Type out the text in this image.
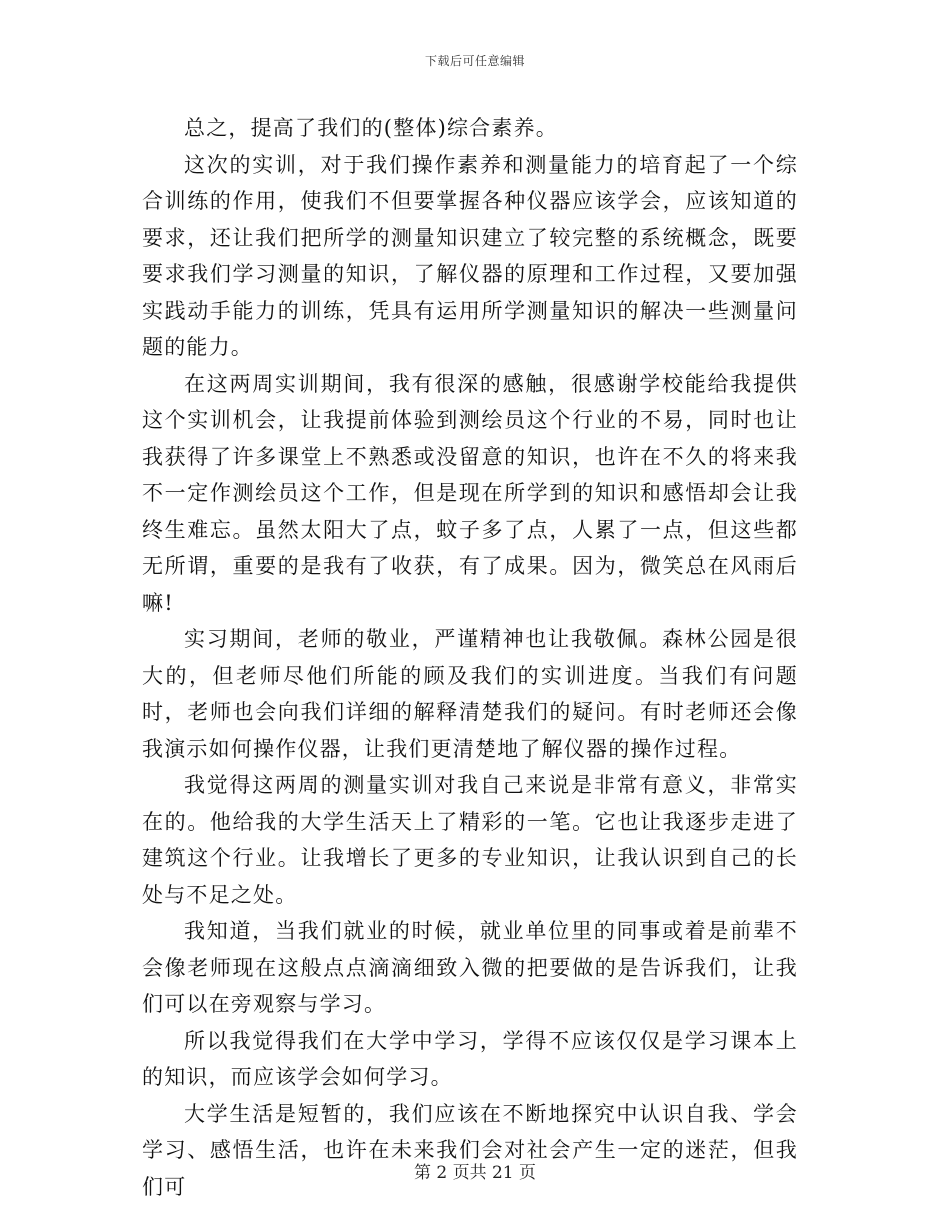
下载后可任意编辑

总之，提高了我们的(整体)综合素养。

这次的实训，对于我们操作素养和测量能力的培育起了一个综合训练的作用，使我们不但要掌握各种仪器应该学会，应该知道的要求，还让我们把所学的测量知识建立了较完整的系统概念，既要要求我们学习测量的知识，了解仪器的原理和工作过程，又要加强实践动手能力的训练，凭具有运用所学测量知识的解决一些测量问题的能力。

在这两周实训期间，我有很深的感触，很感谢学校能给我提供这个实训机会，让我提前体验到测绘员这个行业的不易，同时也让我获得了许多课堂上不熟悉或没留意的知识，也许在不久的将来我不一定作测绘员这个工作，但是现在所学到的知识和感悟却会让我终生难忘。虽然太阳大了点，蚊子多了点，人累了一点，但这些都无所谓，重要的是我有了收获，有了成果。因为，微笑总在风雨后嘛!

实习期间，老师的敬业，严谨精神也让我敬佩。森林公园是很大的，但老师尽他们所能的顾及我们的实训进度。当我们有问题时，老师也会向我们详细的解释清楚我们的疑问。有时老师还会像我演示如何操作仪器，让我们更清楚地了解仪器的操作过程。

我觉得这两周的测量实训对我自己来说是非常有意义，非常实在的。他给我的大学生活天上了精彩的一笔。它也让我逐步走进了建筑这个行业。让我增长了更多的专业知识，让我认识到自己的长处与不足之处。

我知道，当我们就业的时候，就业单位里的同事或着是前辈不会像老师现在这般点点滴滴细致入微的把要做的是告诉我们，让我们可以在旁观察与学习。

所以我觉得我们在大学中学习，学得不应该仅仅是学习课本上的知识，而应该学会如何学习。

大学生活是短暂的，我们应该在不断地探究中认识自我、学会学习、感悟生活，也许在未来我们会对社会产生一定的迷茫，但我们可

第 2 页共 21 页
